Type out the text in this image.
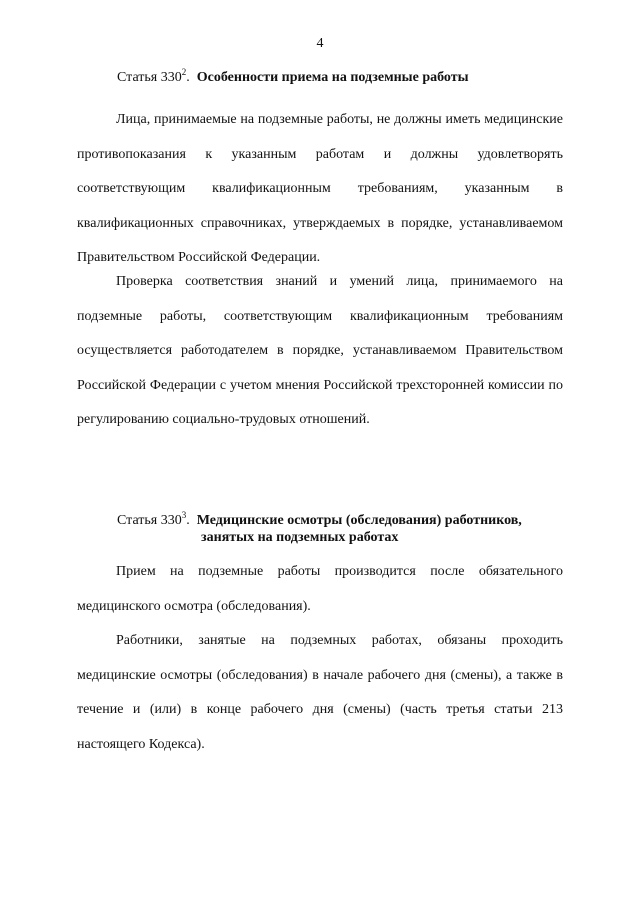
4
Статья $330^2$. Особенности приема на подземные работы

Лица, принимаемые на подземные работы, не должны иметь медицинские противопоказания к указанным работам и должны удовлетворять соответствующим квалификационным требованиям, указанным в квалификационных справочниках, утверждаемых в порядке, устанавливаемом Правительством Российской Федерации.

Проверка соответствия знаний и умений лица, принимаемого на подземные работы, соответствующим квалификационным требованиям осуществляется работодателем в порядке, устанавливаемом Правительством Российской Федерации с учетом мнения Российской трехсторонней комиссии по регулированию социально-трудовых отношений.

Статья $330^3$. Медицинские осмотры (обследования) работников,
занятых на подземных работах

Прием на подземные работы производится после обязательного медицинского осмотра (обследования).

Работники, занятые на подземных работах, обязаны проходить медицинские осмотры (обследования) в начале рабочего дня (смены), а также в течение и (или) в конце рабочего дня (смены) (часть третья статьи 213 настоящего Кодекса).
